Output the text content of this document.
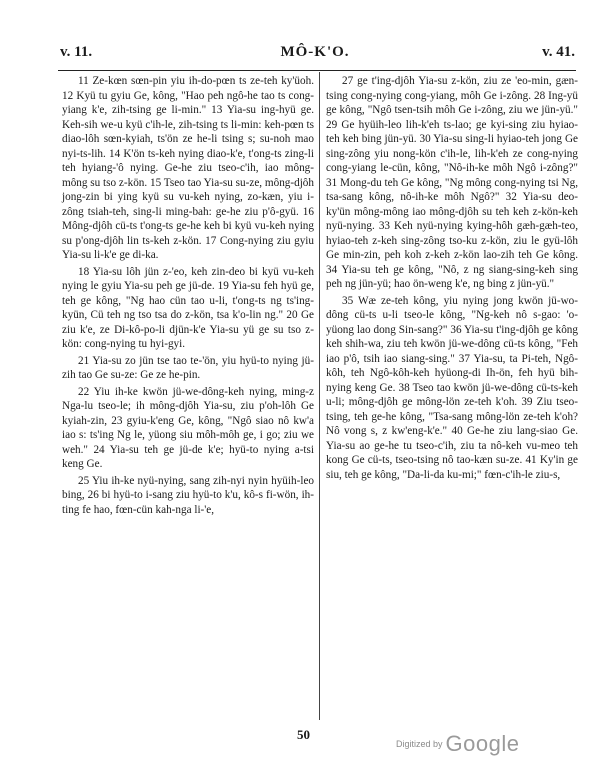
v. 11.	MÔ-K'O.	v. 41.

11 Ze-kœn sœn-pin yiu ih-do-pœn ts ze-teh ky'üoh. 12 Kyü tu gyiu Ge, kông, "Hao peh ngô-he tao ts cong-yiang k'e, zih-tsing ge li-min." 13 Yia-su ing-hyü ge. Keh-sih we-u kyü c'ih-le, zih-tsing ts li-min: keh-pœn ts diao-lôh sœn-kyiah, ts'ön ze he-li tsing s; su-noh mao nyi-ts-lih. 14 K'ön ts-keh nying diao-k'e, t'ong-ts zing-li teh hyiang-'ô nying. Ge-he ziu tseo-c'ih, iao mông-mông su tso z-kön. 15 Tseo tao Yia-su su-ze, mông-djôh jong-zin bi ying kyü su vu-keh nying, zo-kæn, yiu i-zông tsiah-teh, sing-li ming-bah: ge-he ziu p'ô-gyü. 16 Mông-djôh cü-ts t'ong-ts ge-he keh bi kyü vu-keh nying su p'ong-djôh lin ts-keh z-kön. 17 Cong-nying ziu gyiu Yia-su li-k'e ge di-ka.

18 Yia-su lôh jün z-'eo, keh zin-deo bi kyü vu-keh nying le gyiu Yia-su peh ge jü-de. 19 Yia-su feh hyü ge, teh ge kông, "Ng hao cün tao u-li, t'ong-ts ng ts'ing-kyün, Cü teh ng tso tsa do z-kön, tsa k'o-lin ng." 20 Ge ziu k'e, ze Di-kô-po-li djün-k'e Yia-su yü ge su tso z-kön: cong-nying tu hyi-gyi.

21 Yia-su zo jün tse tao te-'ön, yiu hyü-to nying jü-zih tao Ge su-ze: Ge ze he-pin.

22 Yiu ih-ke kwön jü-we-dông-keh nying, ming-z Nga-lu tseo-le; ih mông-djôh Yia-su, ziu p'oh-lôh Ge kyiah-zin, 23 gyiu-k'eng Ge, kông, "Ngô siao nô kw'a iao s: ts'ing Ng le, yüong siu môh-môh ge, i go; ziu we weh." 24 Yia-su teh ge jü-de k'e; hyü-to nying a-tsi keng Ge.

25 Yiu ih-ke nyü-nying, sang zih-nyi nyin hyüih-leo bing, 26 bi hyü-to i-sang ziu hyü-to k'u, kô-s fi-wön, ih-ting fe hao, fœn-cün kah-nga li-'e,

27 ge t'ing-djôh Yia-su z-kön, ziu ze 'eo-min, gæn-tsing cong-nying cong-yiang, môh Ge i-zông. 28 Ing-yü ge kông, "Ngô tsen-tsih môh Ge i-zông, ziu we jün-yü." 29 Ge hyüih-leo lih-k'eh ts-lao; ge kyi-sing ziu hyiao-teh keh bing jün-yü. 30 Yia-su sing-li hyiao-teh jong Ge sing-zông yiu nong-kön c'ih-le, lih-k'eh ze cong-nying cong-yiang le-cün, kông, "Nô-ih-ke môh Ngô i-zông?" 31 Mong-du teh Ge kông, "Ng mông cong-nying tsi Ng, tsa-sang kông, nô-ih-ke môh Ngô?" 32 Yia-su deo-ky'ün mông-mông iao mông-djôh su teh keh z-kön-keh nyü-nying. 33 Keh nyü-nying kying-hôh gæh-gæh-teo, hyiao-teh z-keh sing-zông tso-ku z-kön, ziu le gyü-lôh Ge min-zin, peh koh z-keh z-kön lao-zih teh Ge kông. 34 Yia-su teh ge kông, "Nô, z ng siang-sing-keh sing peh ng jün-yü; hao ön-weng k'e, ng bing z jün-yü."

35 Wæ ze-teh kông, yiu nying jong kwön jü-wo-dông cü-ts u-li tseo-le kông, "Ng-keh nô s-gao: 'o-yüong lao dong Sin-sang?" 36 Yia-su t'ing-djôh ge kông keh shih-wa, ziu teh kwön jü-we-dông cü-ts kông, "Feh iao p'ô, tsih iao siang-sing." 37 Yia-su, ta Pi-teh, Ngô-kôh, teh Ngô-kôh-keh hyüong-di Ih-ön, feh hyü bih-nying keng Ge. 38 Tseo tao kwön jü-we-dông cü-ts-keh u-li; mông-djôh ge mông-lön ze-teh k'oh. 39 Ziu tseo-tsing, teh ge-he kông, "Tsa-sang mông-lön ze-teh k'oh? Nô vong s, z kw'eng-k'e." 40 Ge-he ziu lang-siao Ge. Yia-su ao ge-he tu tseo-c'ih, ziu ta nô-keh vu-meo teh kong Ge cü-ts, tseo-tsing nô tao-kæn su-ze. 41 Ky'in ge siu, teh ge kông, "Da-li-da ku-mi;" fœn-c'ih-le ziu-s,

50
Digitized by Google
